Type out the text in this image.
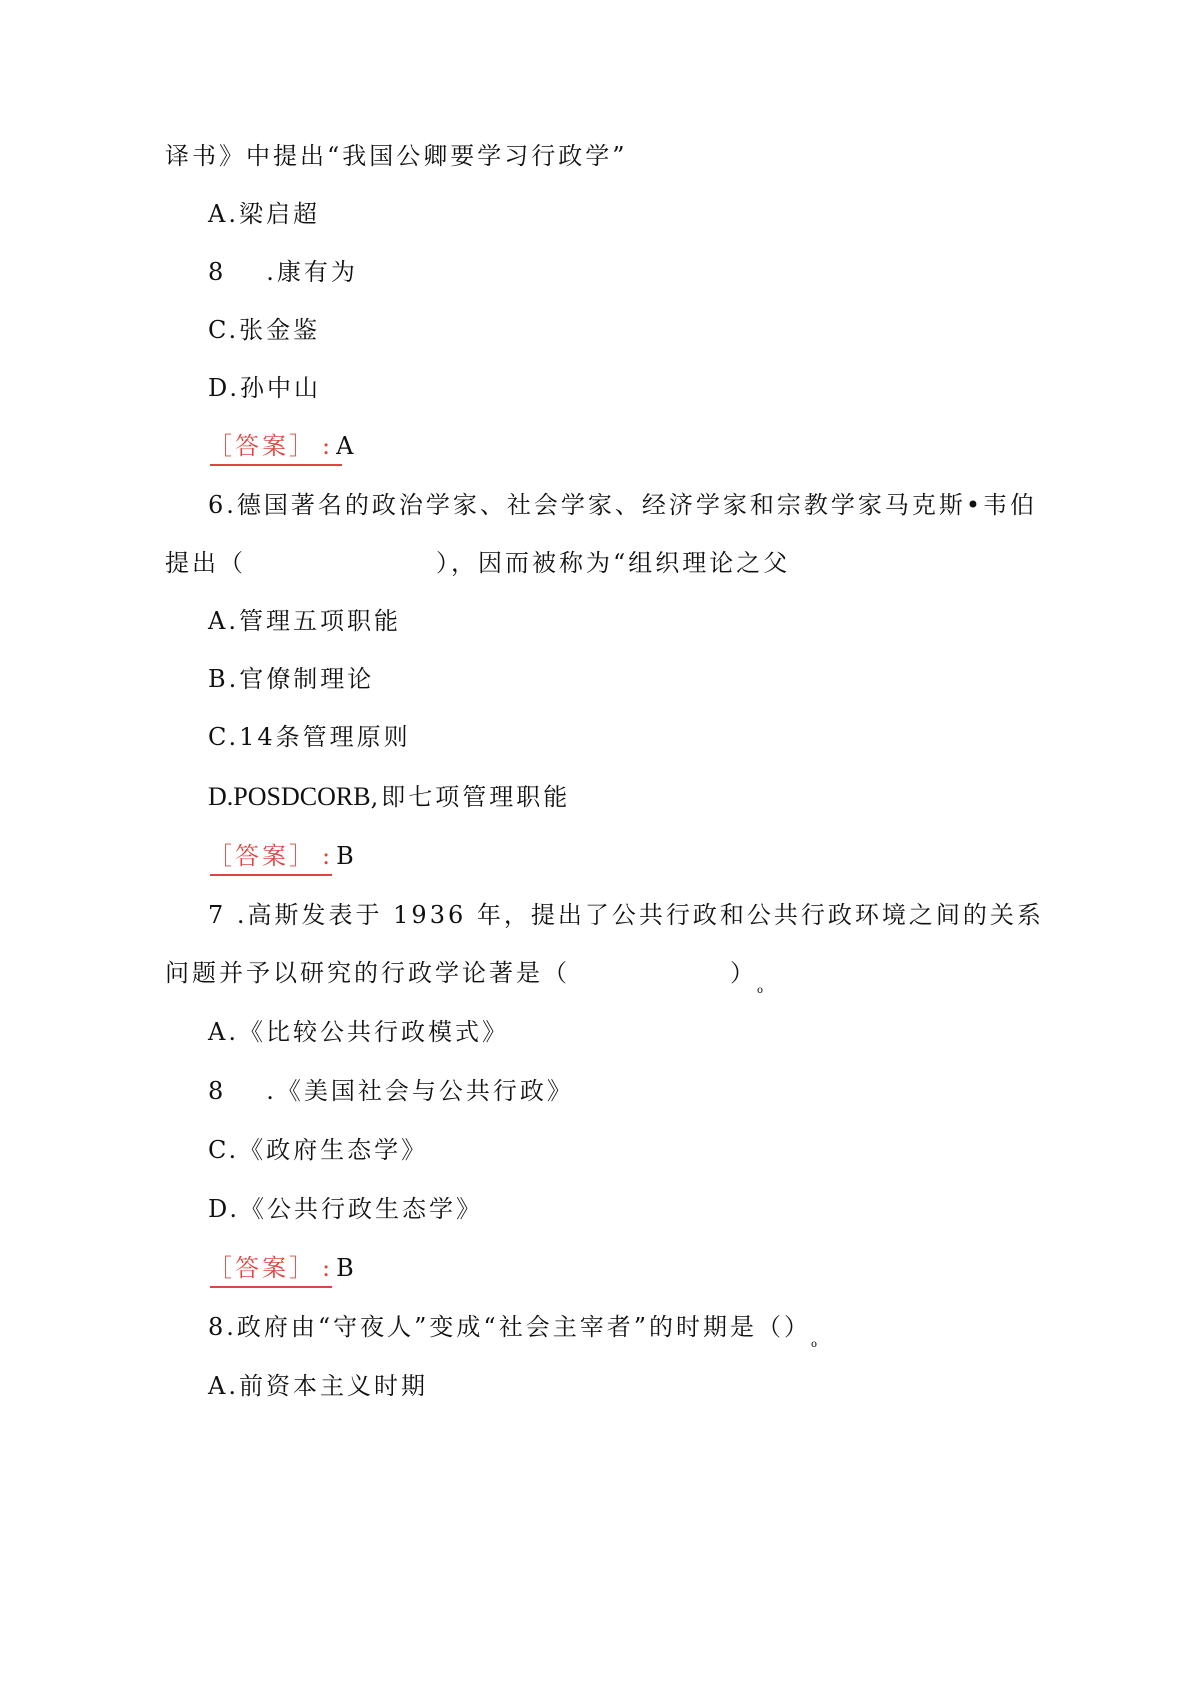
译书》中提出“我国公卿要学习行政学”
A.梁启超
8 .康有为
C.张金鉴
D.孙中山
［答案］ : A
6.德国著名的政治学家、社会学家、经济学家和宗教学家马克斯•韦伯
提出（	），因而被称为“组织理论之父
A.管理五项职能
B.官僚制理论
C.14条管理原则
D.POSDCORB,即七项管理职能
［答案］ : B
7 .高斯发表于 1936 年，提出了公共行政和公共行政环境之间的关系
问题并予以研究的行政学论著是（	）$_o$
A.《比较公共行政模式》
8 .《美国社会与公共行政》
C.《政府生态学》
D.《公共行政生态学》
［答案］ : B
8.政府由“守夜人”变成“社会主宰者”的时期是$()_o$
A.前资本主义时期
